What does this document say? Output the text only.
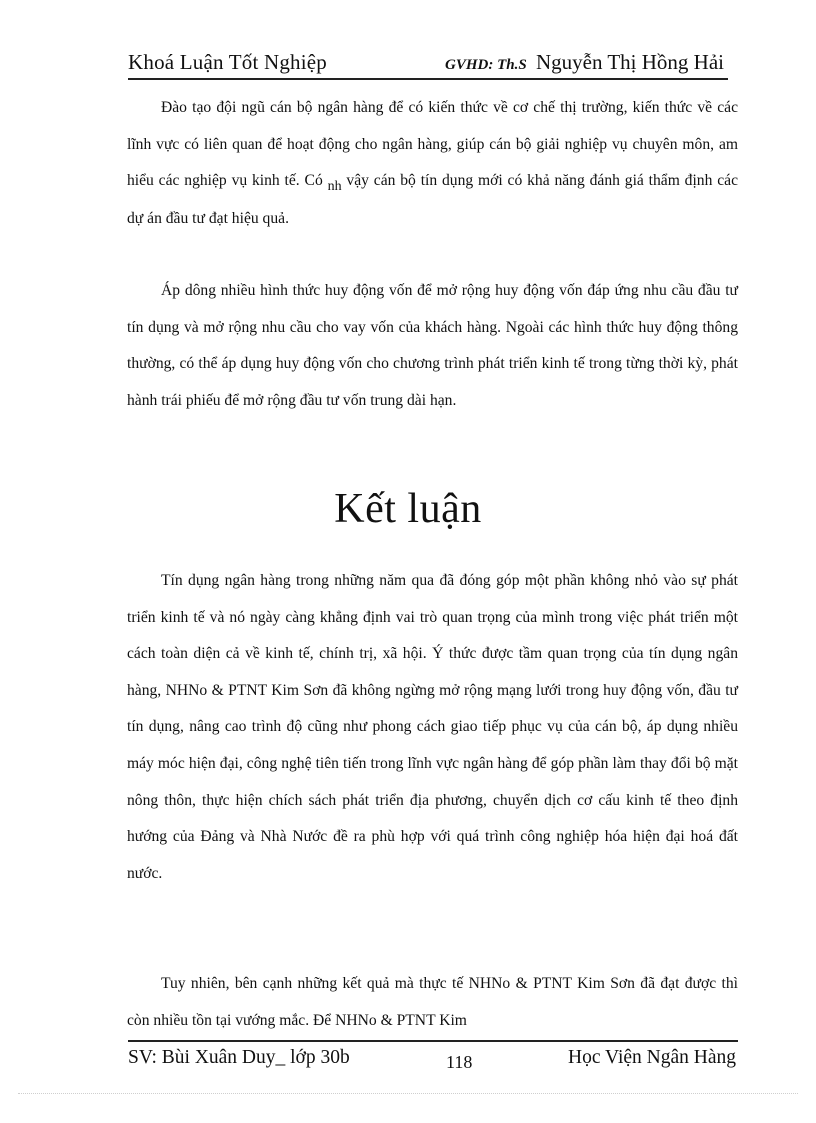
Khoá Luận Tốt Nghiệp	GVHD: Th.S Nguyễn Thị Hồng Hải

Đào tạo đội ngũ cán bộ ngân hàng để có kiến thức về cơ chế thị trường, kiến thức về các lĩnh vực có liên quan để hoạt động cho ngân hàng, giúp cán bộ giải nghiệp vụ chuyên môn, am hiểu các nghiệp vụ kinh tế. Có nh vậy cán bộ tín dụng mới có khả năng đánh giá thẩm định các dự án đầu tư đạt hiệu quả.

Áp dông nhiều hình thức huy động vốn để mở rộng huy động vốn đáp ứng nhu cầu đầu tư tín dụng và mở rộng nhu cầu cho vay vốn của khách hàng. Ngoài các hình thức huy động thông thường, có thể áp dụng huy động vốn cho chương trình phát triển kinh tế trong từng thời kỳ, phát hành trái phiếu để mở rộng đầu tư vốn trung dài hạn.

Kết luận

Tín dụng ngân hàng trong những năm qua đã đóng góp một phần không nhỏ vào sự phát triển kinh tế và nó ngày càng khẳng định vai trò quan trọng của mình trong việc phát triển một cách toàn diện cả về kinh tế, chính trị, xã hội. Ý thức được tầm quan trọng của tín dụng ngân hàng, NHNo & PTNT Kim Sơn đã không ngừng mở rộng mạng lưới trong huy động vốn, đầu tư tín dụng, nâng cao trình độ cũng như phong cách giao tiếp phục vụ của cán bộ, áp dụng nhiều máy móc hiện đại, công nghệ tiên tiến trong lĩnh vực ngân hàng để góp phần làm thay đổi bộ mặt nông thôn, thực hiện chích sách phát triển địa phương, chuyển dịch cơ cấu kinh tế theo định hướng của Đảng và Nhà Nước đề ra phù hợp với quá trình công nghiệp hóa hiện đại hoá đất nước.

Tuy nhiên, bên cạnh những kết quả mà thực tế NHNo & PTNT Kim Sơn đã đạt được thì còn nhiều tồn tại vướng mắc. Để NHNo & PTNT Kim

SV: Bùi Xuân Duy_ lớp 30b	118	Học Viện Ngân Hàng
